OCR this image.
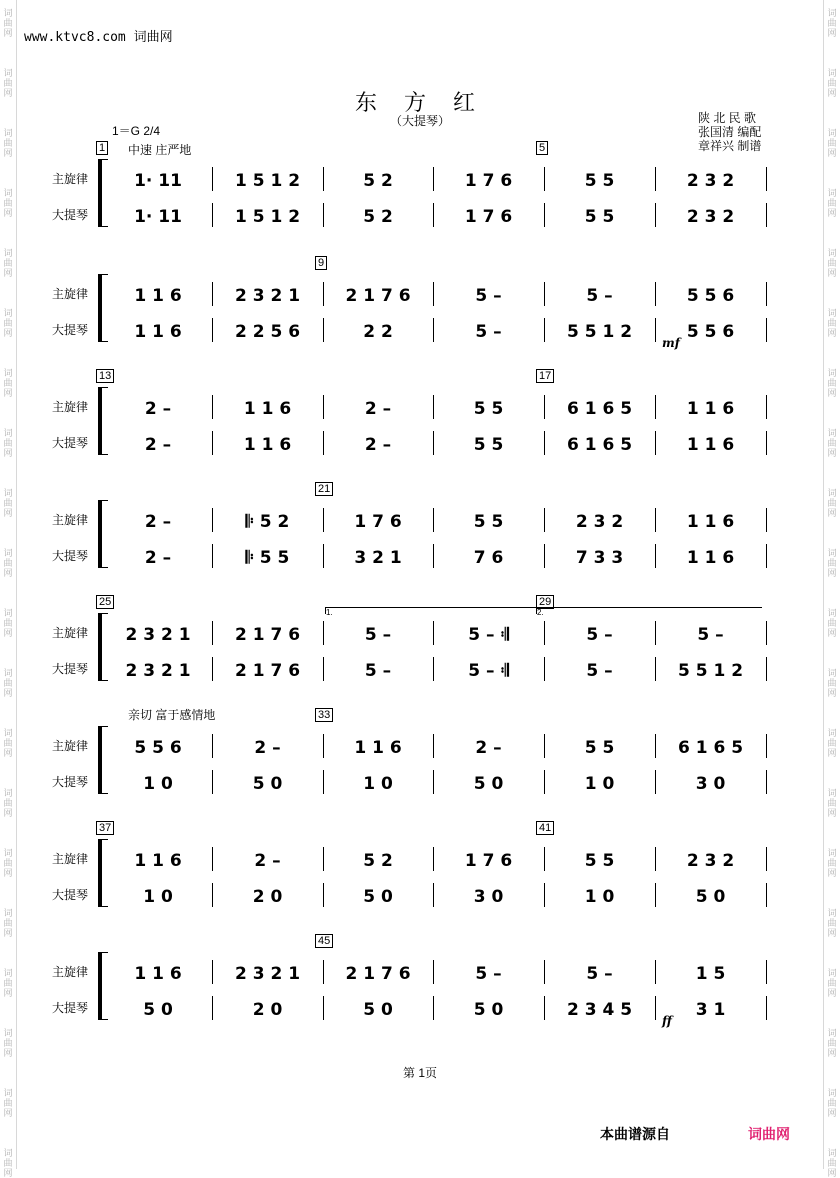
词
曲
网
词
曲
网
词
曲
网
词
曲
网
词
曲
网
词
曲
网
词
曲
网
词
曲
网
词
曲
网
词
曲
网
词
曲
网
词
曲
网
词
曲
网
词
曲
网
词
曲
网
词
曲
网
词
曲
网
词
曲
网
词
曲
网
词
曲
网
词
曲
网
词
曲
网
词
曲
网
词
曲
网
词
曲
网
词
曲
网
词
曲
网
词
曲
网
词
曲
网
词
曲
网
词
曲
网
词
曲
网
词
曲
网
词
曲
网
词
曲
网
词
曲
网
词
曲
网
词
曲
网
词
曲
网
词
曲
网
www.ktvc8.com 词曲网
东 方 红
（大提琴）	陕 北 民 歌
张国清 编配
章祥兴 制谱
1＝G 2/4
主旋律
大提琴
1· 11	1 5 1 2	5 2	1 7 6	5 5	2 3 2
1· 11	1 5 1 2	5 2	1 7 6	5 5	2 3 2
中速 庄严地
1	5
主旋律
大提琴
1 1 6	2 3 2 1	2 1 7 6	5 –	5 –	5 5 6
1 1 6	2 2 5 6	2 2	5 –	5 5 1 2	5 5 6
9
mf
主旋律
大提琴
2 –	1 1 6	2 –	5 5	6 1 6 5	1 1 6
2 –	1 1 6	2 –	5 5	6 1 6 5	1 1 6
13	17
主旋律
大提琴
2 –	𝄆 5 2	1 7 6	5 5	2 3 2	1 1 6
2 –	𝄆 5 5	3 2 1	7 6	7 3 3	1 1 6
21
主旋律
大提琴
2 3 2 1	2 1 7 6	5 –	5 – 𝄇	5 –	5 –
2 3 2 1	2 1 7 6	5 –	5 – 𝄇	5 –	5 5 1 2
25	29
1.	2.
主旋律
大提琴
5 5 6	2 –	1 1 6	2 –	5 5	6 1 6 5
1 0	5 0	1 0	5 0	1 0	3 0
亲切 富于感情地	33
主旋律
大提琴
1 1 6	2 –	5 2	1 7 6	5 5	2 3 2
1 0	2 0	5 0	3 0	1 0	5 0
37	41
主旋律
大提琴
1 1 6	2 3 2 1	2 1 7 6	5 –	5 –	1 5
5 0	2 0	5 0	5 0	2 3 4 5	3 1
45
ff
第 1页
本曲谱源自	词曲网
